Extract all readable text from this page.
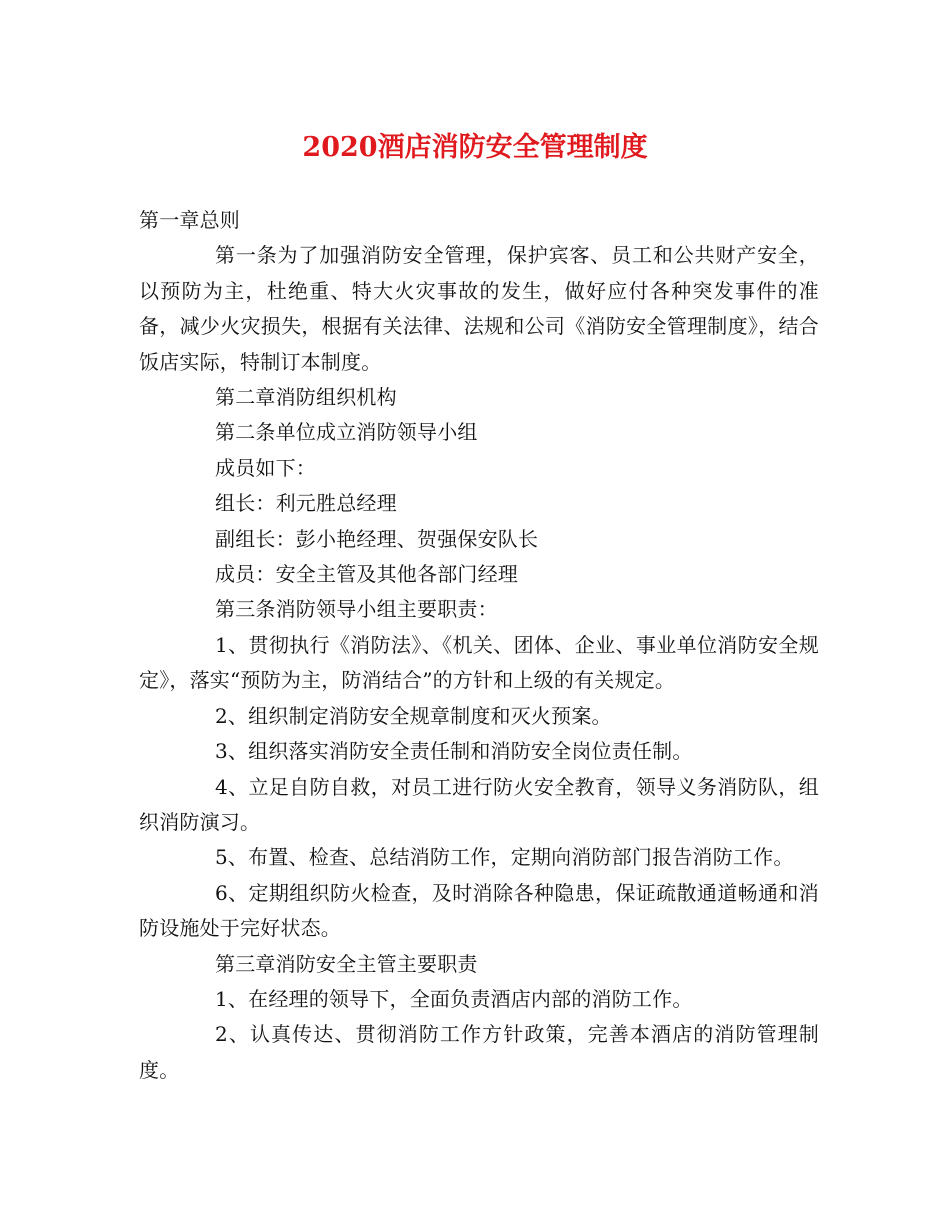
2020酒店消防安全管理制度

第一章总则

第一条为了加强消防安全管理，保护宾客、员工和公共财产安全，以预防为主，杜绝重、特大火灾事故的发生，做好应付各种突发事件的准备，减少火灾损失，根据有关法律、法规和公司《消防安全管理制度》，结合饭店实际，特制订本制度。

第二章消防组织机构

第二条单位成立消防领导小组

成员如下：

组长：利元胜总经理

副组长：彭小艳经理、贺强保安队长

成员：安全主管及其他各部门经理

第三条消防领导小组主要职责：

1、贯彻执行《消防法》、《机关、团体、企业、事业单位消防安全规定》，落实“预防为主，防消结合”的方针和上级的有关规定。

2、组织制定消防安全规章制度和灭火预案。

3、组织落实消防安全责任制和消防安全岗位责任制。

4、立足自防自救，对员工进行防火安全教育，领导义务消防队，组织消防演习。

5、布置、检查、总结消防工作，定期向消防部门报告消防工作。

6、定期组织防火检查，及时消除各种隐患，保证疏散通道畅通和消防设施处于完好状态。

第三章消防安全主管主要职责

1、在经理的领导下，全面负责酒店内部的消防工作。

2、认真传达、贯彻消防工作方针政策，完善本酒店的消防管理制度。
